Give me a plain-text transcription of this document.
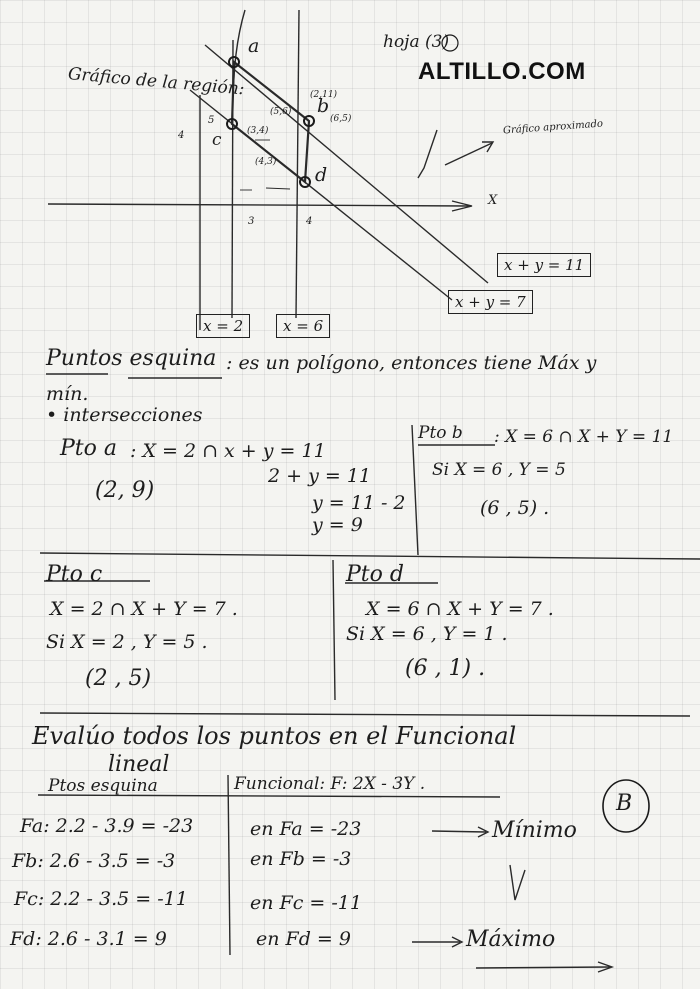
hoja (3)
ALTILLO.COM
Gráfico de la región:
Gráfico aproximado
X
a
b
c
d
(2,11)
(6,5)
(5,6)
(3,4)
(4,3)
4
5
3	4
x = 2	x = 6
x + y = 11
x + y = 7
Puntos esquina : es un polígono, entonces tiene Máx y
mín.
• intersecciones
Pto a : X = 2 ∩ x + y = 11
2 + y = 11
y = 11 - 2
y = 9
(2, 9)
Pto b : X = 6 ∩ X + Y = 11
Si X = 6 , Y = 5
(6 , 5) .
Pto c
X = 2 ∩ X + Y = 7 .
Si X = 2 , Y = 5 .
(2 , 5)
Pto d
X = 6 ∩ X + Y = 7 .
Si X = 6 , Y = 1 .
(6 , 1) .
Evalúo todos los puntos en el Funcional
lineal
Ptos esquina	Funcional: F: 2X - 3Y .
B
Fa: 2.2 - 3.9 = -23	en Fa = -23	Mínimo
Fb: 2.6 - 3.5 = -3	en Fb = -3
Fc: 2.2 - 3.5 = -11	en Fc = -11
Fd: 2.6 - 3.1 = 9	en Fd = 9	Máximo
